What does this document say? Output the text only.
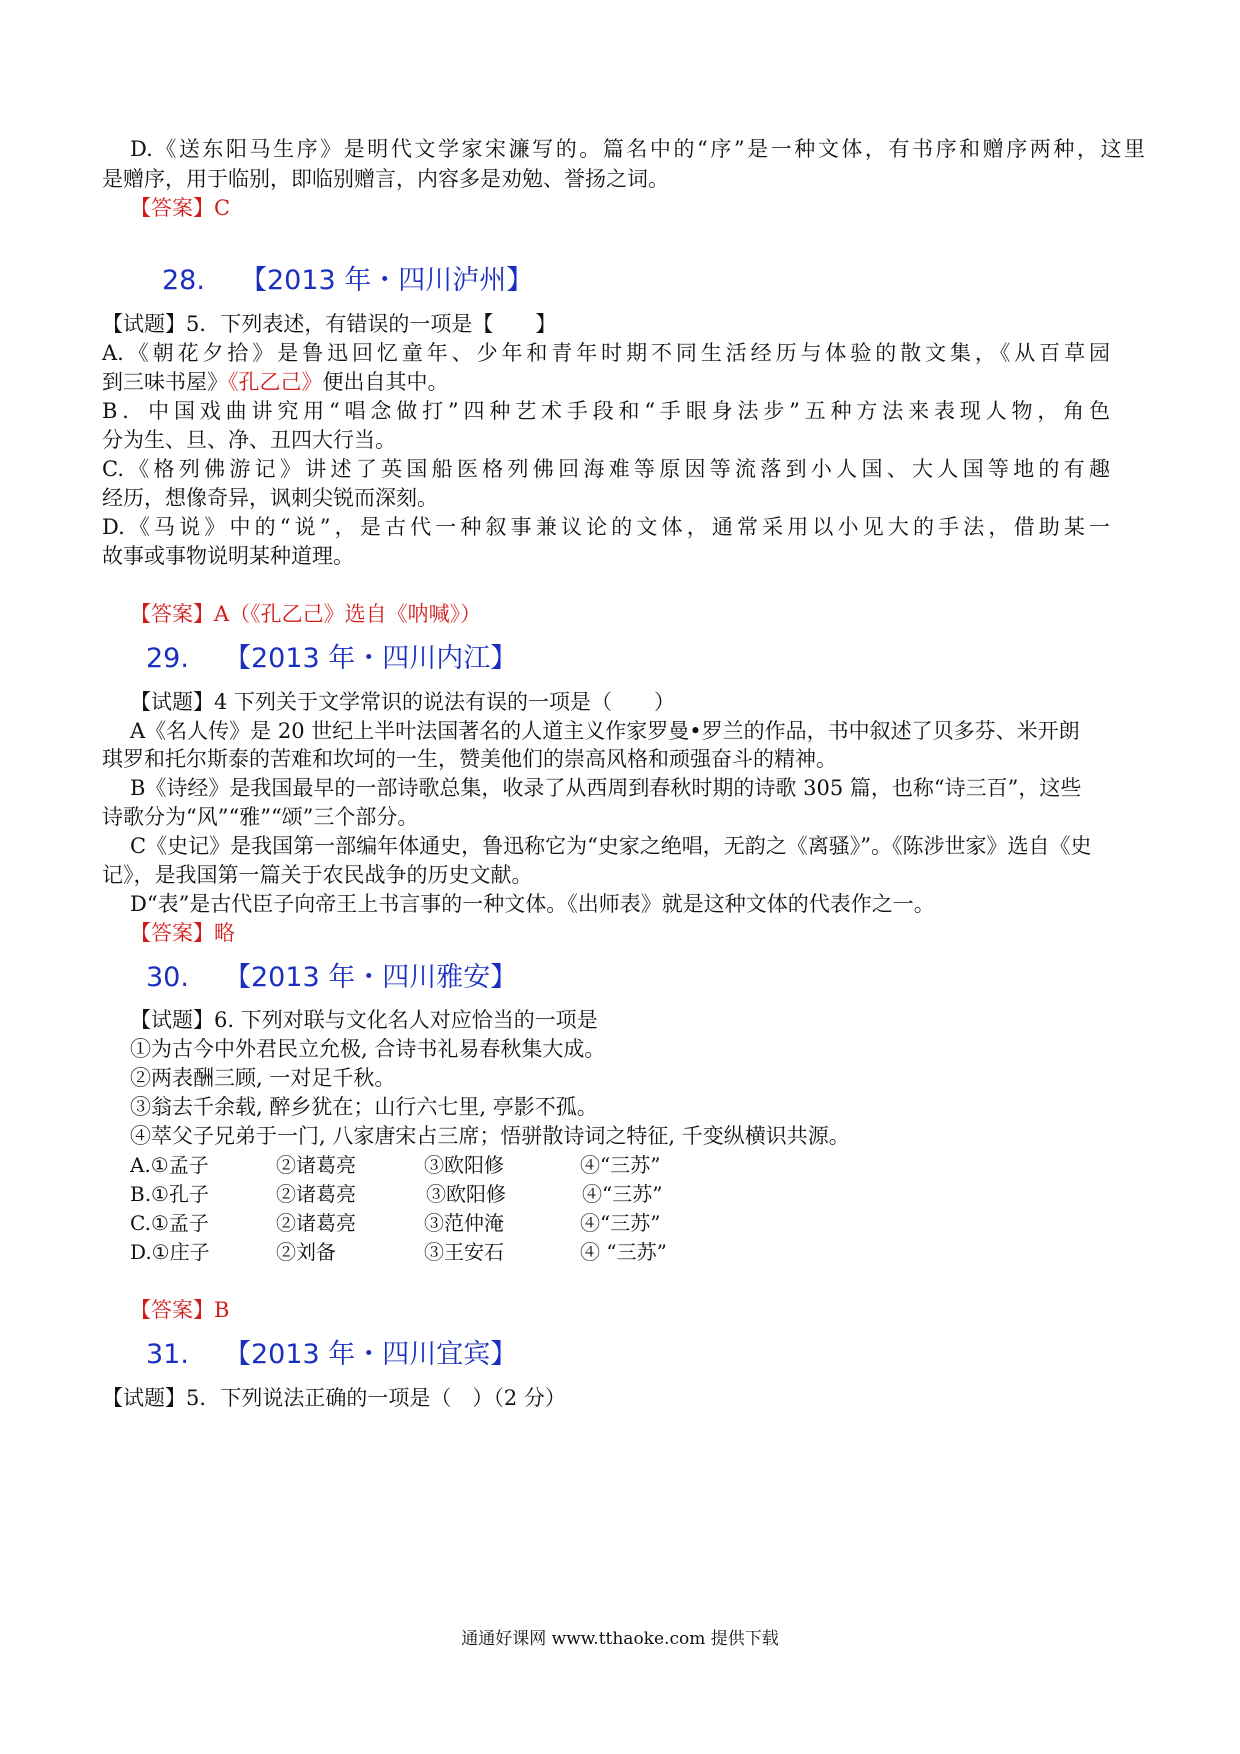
D.《送东阳马生序》是明代文学家宋濂写的。篇名中的“序”是一种文体，有书序和赠序两种，这里
是赠序，用于临别，即临别赠言，内容多是劝勉、誉扬之词。
【答案】C
28. 【2013 年・四川泸州】
【试题】5．下列表述，有错误的一项是【　　】
A.《朝花夕拾》是鲁迅回忆童年、少年和青年时期不同生活经历与体验的散文集，《从百草园
到三味书屋》《孔乙己》便出自其中。
B．中国戏曲讲究用“唱念做打”四种艺术手段和“手眼身法步”五种方法来表现人物，角色
分为生、旦、净、丑四大行当。
C.《格列佛游记》讲述了英国船医格列佛回海难等原因等流落到小人国、大人国等地的有趣
经历，想像奇异，讽刺尖锐而深刻。
D.《马说》中的“说”，是古代一种叙事兼议论的文体，通常采用以小见大的手法，借助某一
故事或事物说明某种道理。
【答案】A（《孔乙己》选自《呐喊》）
29. 【2013 年・四川内江】
【试题】4 下列关于文学常识的说法有误的一项是（　　）
A《名人传》是 20 世纪上半叶法国著名的人道主义作家罗曼•罗兰的作品，书中叙述了贝多芬、米开朗
琪罗和托尔斯泰的苦难和坎坷的一生，赞美他们的崇高风格和顽强奋斗的精神。
B《诗经》是我国最早的一部诗歌总集，收录了从西周到春秋时期的诗歌 305 篇，也称“诗三百”，这些
诗歌分为“风”“雅”“颂”三个部分。
C《史记》是我国第一部编年体通史，鲁迅称它为“史家之绝唱，无韵之《离骚》”。《陈涉世家》选自《史
记》，是我国第一篇关于农民战争的历史文献。
D“表”是古代臣子向帝王上书言事的一种文体。《出师表》就是这种文体的代表作之一。
【答案】略
30. 【2013 年・四川雅安】
【试题】6. 下列对联与文化名人对应恰当的一项是
①为古今中外君民立允极, 合诗书礼易春秋集大成。
②两表酬三顾, 一对足千秋。
③翁去千余载, 醉乡犹在；山行六七里, 亭影不孤。
④萃父子兄弟于一门, 八家唐宋占三席；悟骈散诗词之特征, 千变纵横识共源。
A.①孟子	②诸葛亮	③欧阳修	④“三苏”
B.①孔子	②诸葛亮	③欧阳修	④“三苏”
C.①孟子	②诸葛亮	③范仲淹	④“三苏”
D.①庄子	②刘备	③王安石	④ “三苏”
【答案】B
31. 【2013 年・四川宜宾】
【试题】5．下列说法正确的一项是（　）（2 分）
通通好课网 www.tthaoke.com 提供下载
